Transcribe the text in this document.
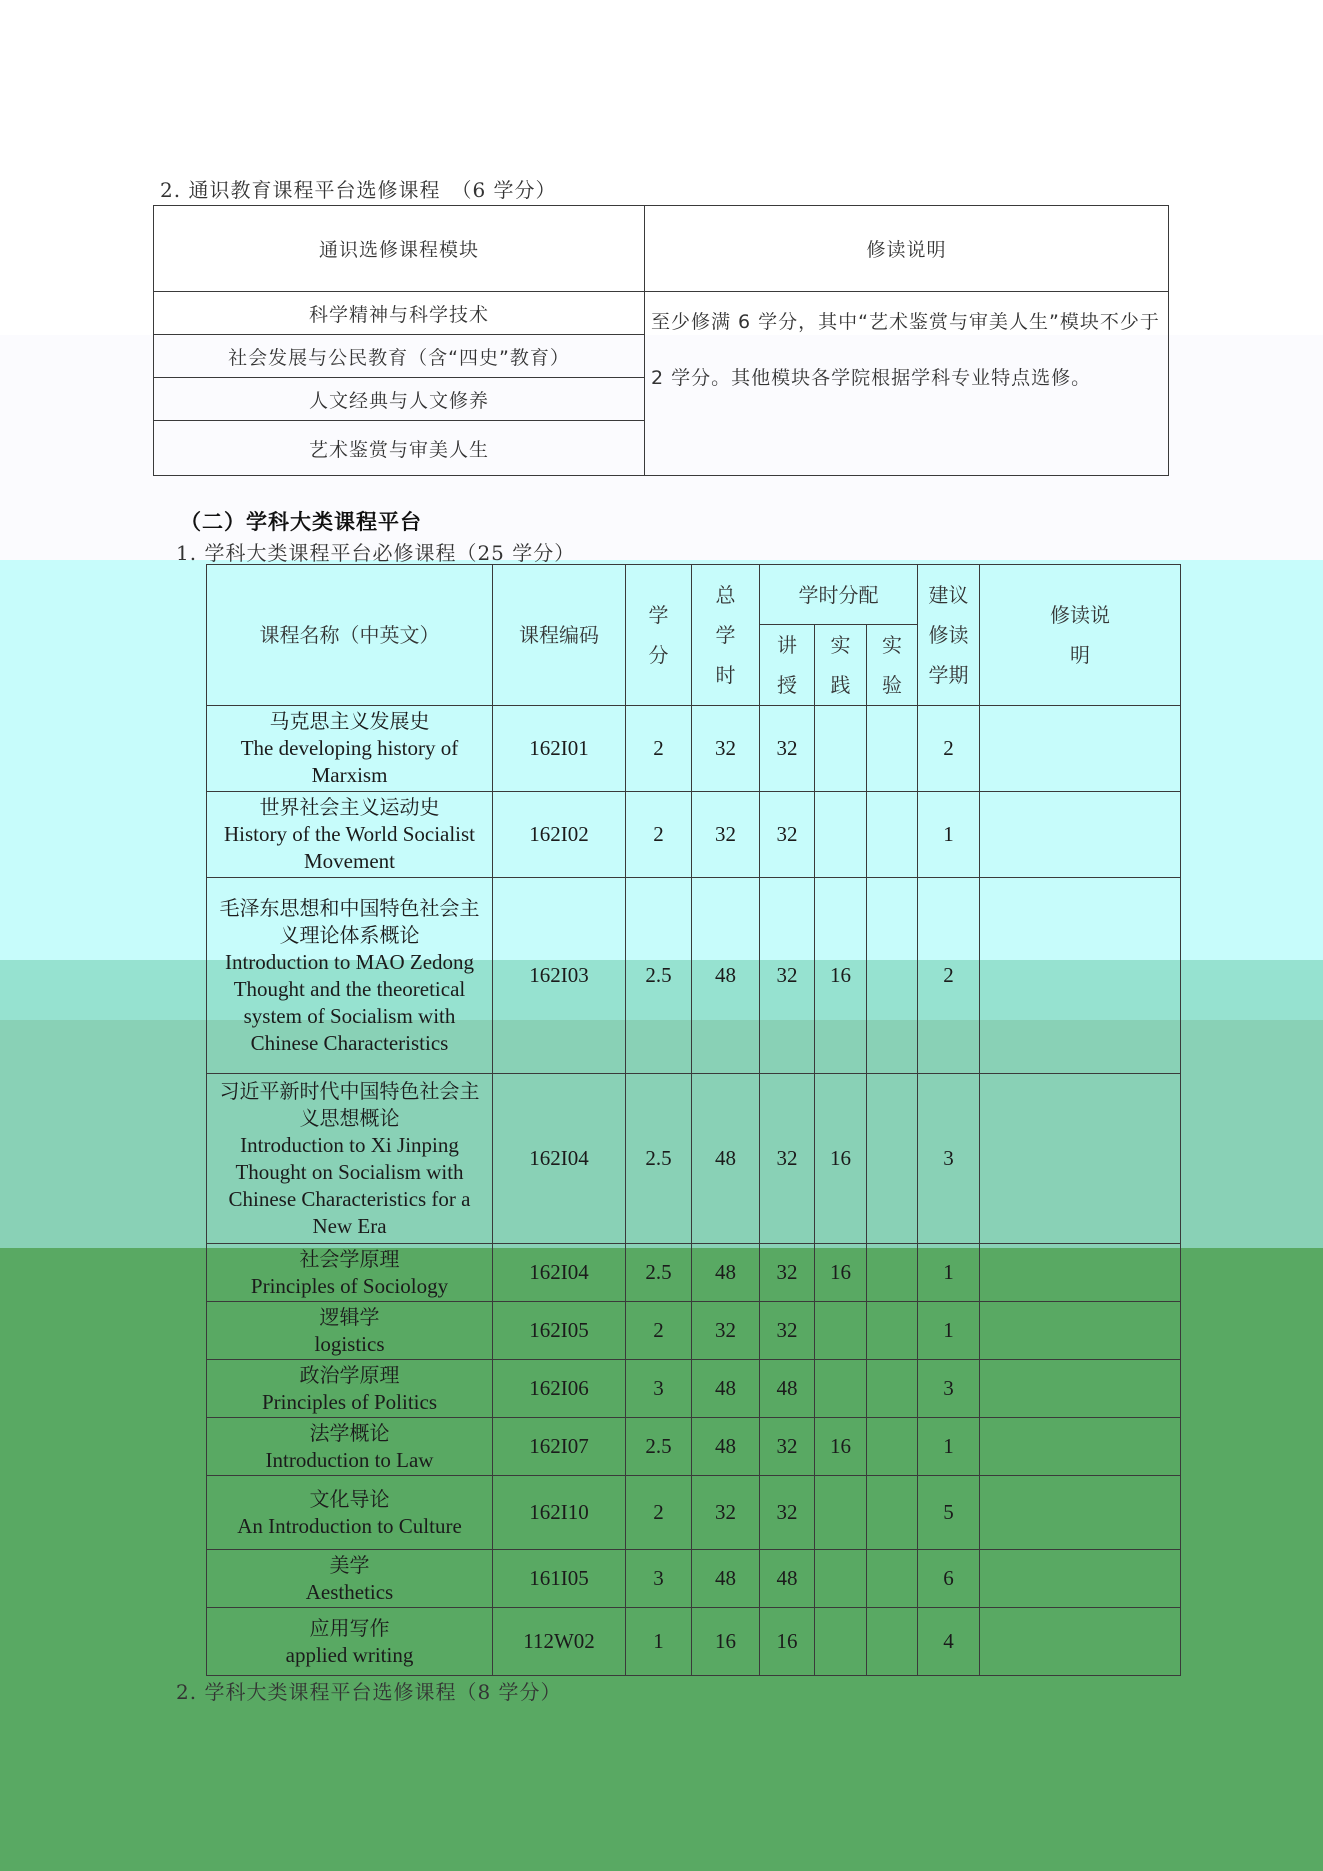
2. 通识教育课程平台选修课程　（6 学分）
通识选修课程模块	修读说明
科学精神与科学技术	至少修满 6 学分，其中“艺术鉴赏与审美人生”模块不少于 2 学分。其他模块各学院根据学科专业特点选修。
社会发展与公民教育（含“四史”教育）	
人文经典与人文修养	
艺术鉴赏与审美人生	
（二）学科大类课程平台
1. 学科大类课程平台必修课程（25 学分）
课程名称（中英文）	课程编码	学分	总学时	学时分配			建议修读学期	修读说明
				讲授	实践	实验		

马克思主义发展史
The developing history of Marxism	162I01	2	32	32			2	

世界社会主义运动史
History of the World Socialist Movement	162I02	2	32	32			1	

毛泽东思想和中国特色社会主义理论体系概论
Introduction to MAO Zedong Thought and the theoretical system of Socialism with Chinese Characteristics	162I03	2.5	48	32	16		2	

习近平新时代中国特色社会主义思想概论
Introduction to Xi Jinping Thought on Socialism with Chinese Characteristics for a New Era	162I04	2.5	48	32	16		3	

社会学原理
Principles of Sociology	162I04	2.5	48	32	16		1	

逻辑学
logistics	162I05	2	32	32			1	

政治学原理
Principles of Politics	162I06	3	48	48			3	

法学概论
Introduction to Law	162I07	2.5	48	32	16		1	

文化导论
An Introduction to Culture	162I10	2	32	32			5	

美学
Aesthetics	161I05	3	48	48			6	

应用写作
applied writing	112W02	1	16	16			4	
2. 学科大类课程平台选修课程（8 学分）
